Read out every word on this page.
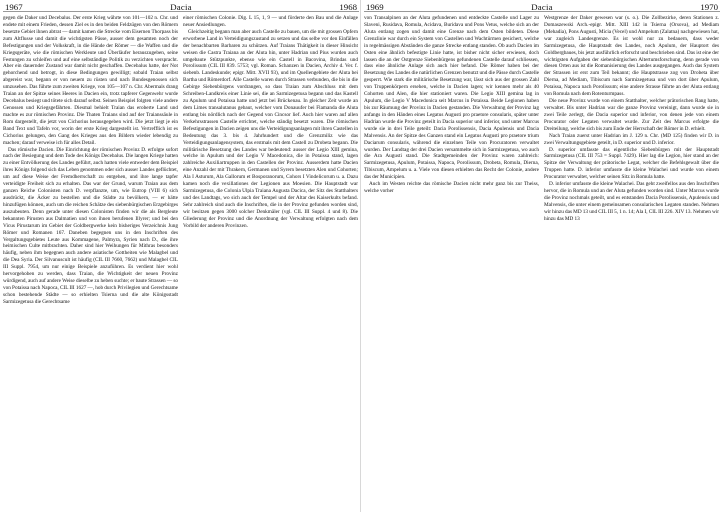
1967	Dacia	1968

gegen die Daker und Decebalus. Der erste Krieg währte von 101—102 n. Chr. und endete mit einem Frieden, dessen Ziel es in den beiden Feldzügen von den Römern besetzte Gebiet ihnen abtrat — damit kamen die Strecke vom Eisernen Thorpass bis zum Altflusse und damit die wichtigsten Pässe, ausser dem gesamten noch der Befestigungen und der Volkskraft, in die Hände der Römer — die Waffen und die Kriegsgeräte, wie die römischen Werkleute und Überläufer herauszugeben, seine Festungen zu schleifen und auf eine selbständige Politik zu verzichten verspracht. Aber ein dauernder Zustand war damit nicht geschaffen. Decebalus hatte, der Not gehorchend und betrogt, in diese Bedingungen gewilligt; sobald Traian selbst abgereist war, begann er von neuem zu rüsten und nach Bundesgenossen sich umzusehen. Das führte zum zweiten Kriege, von 105—107 n. Chr. Abermals drang Traian an der Spitze seines Heeres in Dacien ein, trotz tapferer Gegenwehr wurde Decebalus besiegt und tötete sich darauf selbst. Seinen Beispiel folgten viele andere Genossen und Kriegsgefährten. Diesmal behielt Traian das eroberte Land und machte es zur römischen Provinz. Die Thaten Traians sind auf der Traianssäule in Rom dargestellt, die jetzt von Cichorius herausgegeben wird. Die jetzt liegt je ein Band Text und Tafeln vor, worin der erste Krieg dargestellt ist. Vertrefflich ist es Cichorius gelungen, den Gang des Krieges aus den Bildern wieder lebendig zu machen; darauf verweise ich für alles Detail.

Das römische Dacien. Die Einrichtung der römischen Provinz D. erfolgte sofort nach der Besiegung und dem Tode des Königs Decebalus. Die langen Kriege hatten zu einer Entvölkerung des Landes geführt, auch hatten viele entweder dem Beispiel ihres Königs folgend sich das Leben genommen oder sich ausser Landes geflüchtet, um auf diese Weise der Fremdherrschaft zu entgehen, und ihre lange tapfer verteidigte Freiheit sich zu erhalten. Das war der Grund, warum Traian aus dem ganzen Reiche Colonisten nach D. verpflanzte, um, wie Eutrop (VIII 6) sich ausdrückt, die Äcker zu bestellen und die Städte zu bevölkern, — er hätte hinzufügen können, auch um die reichen Schätze des siebenbürgischen Erzgebirges auszubeuten. Denn gerade unter diesen Colonisten finden wir die als Bergleute bekannten Pirusten aus Dalmatien und von ihnen berufenen Illyrer; und bei den Vicus Pirustarum im Gebiet der Goldbergwerke kein bisheriges Verzeichnis Jung Römer und Romanen 167. Daneben begegnen uns in den Inschriften des Vergaltungsgebietes Leute aus Kommagene, Palmyra, Syrien nach D., die ihre heimischen Culte mitbrachten. Daher sind hier Weihungen für Mithras besonders häufig, neben ihm begegnen auch andere asiatische Gottheiten wie Malagbel und die Dea Syria. Der Silvanuscult ist häufig (CIL III 7660, 7662) und Malagbel CIL III Suppl. 7954, um nur einige Beispiele anzuführen. Es verdient hier wohl hervorgehoben zu werden, dass Traian, die Wichtigkeit der neuen Provinz würdigend, auch auf andere Weise dieselbe zu heben suchte; er baute Strassen — so von Potaissa nach Napoca, CIL III 1627 —, hob durch Privilegien und Gerechtsame schon bestehende Städte — so erhielten Tsierna und die alte Königsstadt Sarmizegetusa die Gerechtsame

einer römischen Colonie. Dig. L 15, 1, 9 — und förderte den Bau und die Anlage neuer Ansiedlungen.

Gleichzeitig begann man aber auch Castelle zu bauen, um die mit grossen Opfern erworbene Land in Verteidigungszustand zu setzen und das selbe vor den Einfällen der benachbarten Barbaren zu schützen. Auf Traians Thätigkeit in dieser Hinsicht weisen die Castra Traiana an der Aluta hin, unter Hadrian und Pius wurden auch umgebaute Stützpunkte, ebenso wie ein Castell in Bacovina, Brindas und Porolissum (CIL III 839. 5753; vgl. Roman. Schanzen in Dacien, Archiv d. Ver. f. siebenb. Landeskunde; epigr. Mitt. XVII 93), und im Quellengebiete der Aluta bei Bartha und Römerdorf. Alle Castelle waren durch Strassen verbunden, die bis in die Gebirge Siebenbürgens vordrangen, so dass Traian zum Abschluss mit dem Schreiben-Landkreis einer Linie sei, die an Sarmizegetusa begann und das Kastell zu Apulum und Potaissa hatte und jetzt bei Brückenau. In gleicher Zeit wurde an dem Limes transalutanus gebaut, welcher vom Donauufer bei Flamanda die Aluta entlang bis nördlich nach der Gegend von Cincsor lief. Auch hier waren auf allen Verkehrsstrassen Castelle errichtet, welche ständig besetzt waren. Die römischen Befestigungen in Dacien zeigen uns die Verteidigungsanlagen mit ihren Castellen in Bedeutung das 3. bis 4. Jahrhundert und die Grenzmiliz wie das Verteidigungsanlagensystem, das erstmals mit dem Castell zu Drobeta begann. Die militärische Besetzung des Landes war bedeutend: ausser der Legio XIII gemina, welche in Apulum und der Legio V Macedonica, die in Potaissa stand, lagen zahlreiche Auxiliartruppen in den Castellen der Provinz. Ausserdem hatte Dacien eine Anzahl der mit Thrakern, Germanen und Syrern besetzten Alen und Cohorten; Ala I Asturum, Ala Gallorum et Bosporanorum, Cohors I Vindelicorum u. a. Dazu kamen noch die vexillationes der Legionen aus Moesien. Die Hauptstadt war Sarmizegetusa, die Colonia Ulpia Traiana Augusta Dacica, der Sitz des Statthalters und des Landtags, wo sich auch der Tempel und der Altar des Kaiserkults befand. Sehr zahlreich sind auch die Inschriften, die in der Provinz gefunden worden sind, wir besitzen gegen 3000 solcher Denkmäler (vgl. CIL III Suppl. 4 und 8). Die Gliederung der Provinz und die Anordnung der Verwaltung erfolgten nach dem Vorbild der anderen Provinzen.

1969	Dacia	1970

von Transalpinen an der Aluta gefundenen und entdeckte Castelle und Lager zu Slaveni, Rusidava, Romula, Acidava, Buridava und Pons Vetus, welche sich an der Aluta entlang zogen und damit eine Grenze nach dem Osten bildeten. Diese Grenzlinie war durch ein System von Castellen und Wachtürmen gesichert, welche in regelmässigen Abständen die ganze Strecke entlang standen. Ob auch Dacien im Osten eine ähnlich befestigte Linie hatte, ist bisher nicht sicher erwiesen, doch lassen die an der Ostgrenze Siebenbürgens gefundenen Castelle darauf schliessen, dass eine ähnliche Anlage sich auch hier befand. Die Römer haben bei der Besetzung des Landes die natürlichen Grenzen benutzt und die Pässe durch Castelle gesperrt. Wie stark die militärische Besetzung war, lässt sich aus der grossen Zahl von Truppenkörpern ersehen, welche in Dacien lagen; wir kennen mehr als 40 Cohorten und Alen, die hier stationiert waren. Die Legio XIII gemina lag in Apulum, die Legio V Macedonica seit Marcus in Potaissa. Beide Legionen haben bis zur Räumung der Provinz in Dacien gestanden. Die Verwaltung der Provinz lag anfangs in den Händen eines Legatus Augusti pro praetore consularis, später unter Hadrian wurde die Provinz geteilt in Dacia superior und inferior, und unter Marcus wurde sie in drei Teile geteilt: Dacia Porolissensis, Dacia Apulensis und Dacia Malvensis. An der Spitze des Ganzen stand ein Legatus Augusti pro praetore trium Daciarum consularis, während die einzelnen Teile von Procuratoren verwaltet wurden. Der Landtag der drei Dacien versammelte sich in Sarmizegetusa, wo auch die Ara Augusti stand. Die Stadtgemeinden der Provinz waren zahlreich: Sarmizegetusa, Apulum, Potaissa, Napoca, Porolissum, Drobeta, Romula, Dierna, Tibiscum, Ampelum u. a. Viele von diesen erhielten das Recht der Colonie, andere das der Municipien.

Auch im Westen reichte das römische Dacien nicht mehr ganz bis zur Theiss, welche vorher

Westgrenze der Daker gewesen war (s. o.). Die Zollbezirke, deren Stationen z. Domaszewski Arch.-epigr. Mitt. XIII 142 in Tsierna (Orsova), ad Mediam (Mehadia), Pons Augusti, Micia (Vecel) und Ampelum (Zalatna) nachgewiesen hat, war zugleich Landesgrenze. Es ist wohl nur zu bedauern, dass weder Sarmizegetusa, die Hauptstadt des Landes, noch Apulum, der Hauptort des Goldbergbaues, bis jetzt ausführlich erforscht und beschrieben sind. Das ist eine der wichtigsten Aufgaben der siebenbürgischen Altertumsforschung, denn gerade von diesen Orten aus ist die Romanisierung des Landes ausgegangen. Auch das System der Strassen ist erst zum Teil bekannt; die Hauptstrasse zog von Drobeta über Dierna, ad Mediam, Tibiscum nach Sarmizegetusa und von dort über Apulum, Potaissa, Napoca nach Porolissum; eine andere Strasse führte an der Aluta entlang von Romula nach dem Rotenturmpass.

Die neue Provinz wurde von einem Statthalter, welcher prätorischen Rang hatte, verwaltet. Bis unter Hadrian war die ganze Provinz vereinigt, dann wurde sie in zwei Teile zerlegt, die Dacia superior und inferior, von denen jede von einem Procurator oder Legaten verwaltet wurde. Zur Zeit des Marcus erfolgte die Dreiteilung, welche sich bis zum Ende der Herrschaft der Römer in D. erhielt.

Nach Traian zuerst unter Hadrian im J. 129 n. Chr. (MD 125) finden wir D. in zwei Verwaltungsgebiete geteilt, in D. superior und D. inferior.

D. superior umfasste das eigentliche Siebenbürgen mit der Hauptstadt Sarmizegetusa (CIL III 753 = Suppl. 7429). Hier lag die Legion, hier stand an der Spitze der Verwaltung der prätorische Legat, welcher die Befehlsgewalt über die Truppen hatte. D. inferior umfasste die kleine Walachei und wurde von einem Procurator verwaltet, welcher seinen Sitz in Romula hatte.

D. inferior umfasste die kleine Walachei. Das geht zweifellos aus den Inschriften hervor, die in Romula und an der Aluta gefunden worden sind. Unter Marcus wurde die Provinz nochmals geteilt, und es entstanden Dacia Porolissensis, Apulensis und Malvensis, die unter einem gemeinsamen consularischen Legaten standen. Nehmen wir hinzu das MD 13 und CIL III 5, 1 n. 14; Ala I, CIL III 226. XIV 13. Nehmen wir hinzu das MD 13
